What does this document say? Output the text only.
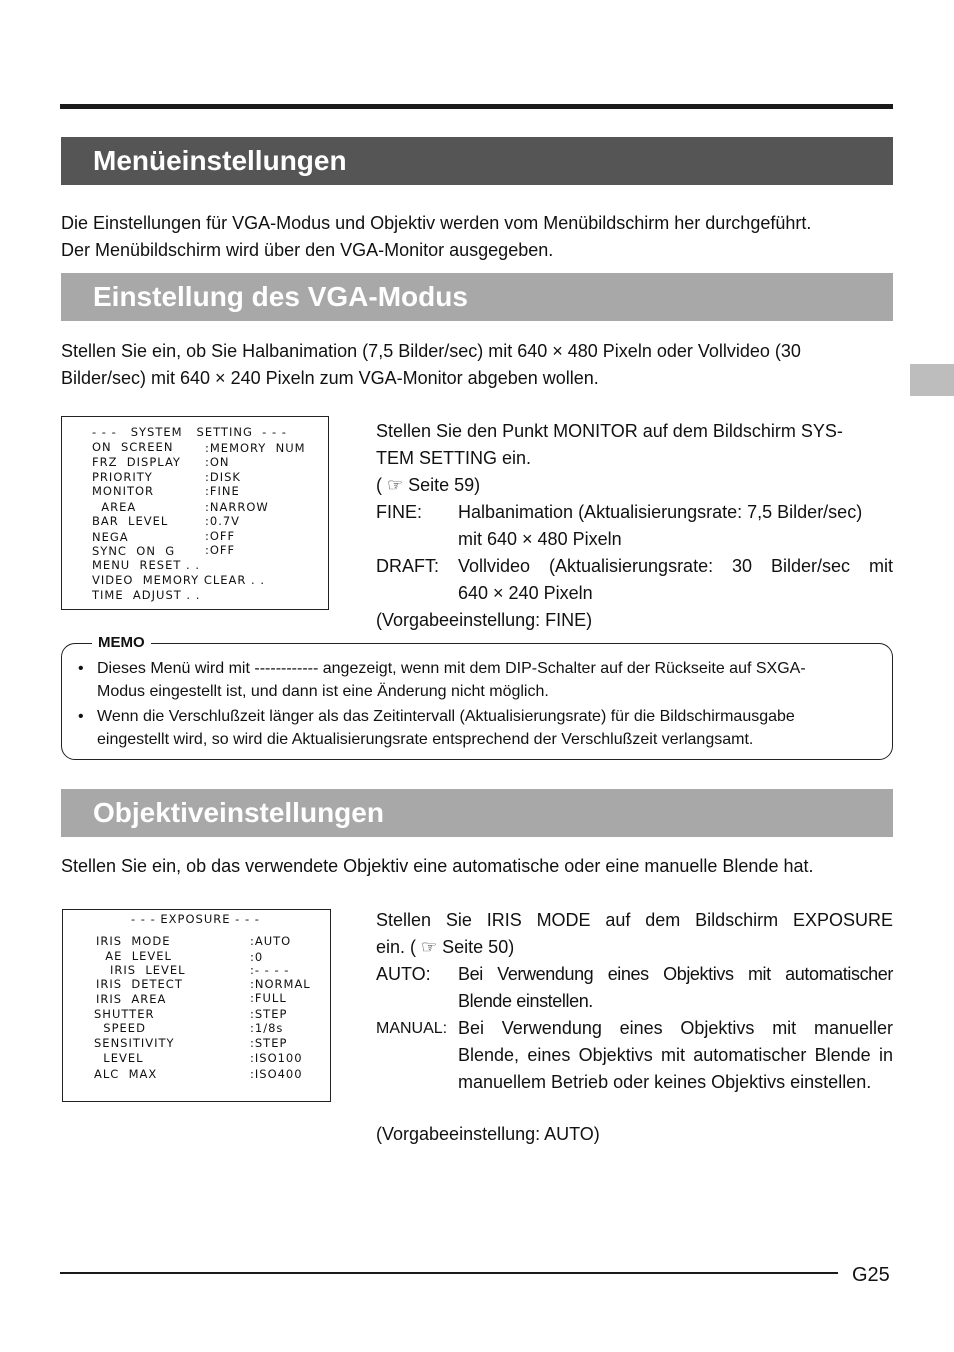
Menüeinstellungen
Die Einstellungen für VGA-Modus und Objektiv werden vom Menübildschirm her durchgeführt.
Der Menübildschirm wird über den VGA-Monitor ausgegeben.
Einstellung des VGA-Modus
Stellen Sie ein, ob Sie Halbanimation (7,5 Bilder/sec) mit 640 × 480 Pixeln oder Vollvideo (30
Bilder/sec) mit 640 × 240 Pixeln zum VGA-Monitor abgeben wollen.
- - -   SYSTEM   SETTING  - - -
ON  SCREEN	:MEMORY  NUM
FRZ  DISPLAY :ON
PRIORITY	:DISK
MONITOR	:FINE
AREA	:NARROW
BAR  LEVEL	:0.7V
NEGA	:OFF
SYNC  ON  G	:OFF
MENU  RESET . .
VIDEO  MEMORY CLEAR . .
TIME  ADJUST . .
Stellen Sie den Punkt MONITOR auf dem Bildschirm SYS-
TEM SETTING ein.
( ☞ Seite 59)
FINE: Halbanimation (Aktualisierungsrate: 7,5 Bilder/sec)
mit 640 × 480 Pixeln
DRAFT: Vollvideo (Aktualisierungsrate: 30 Bilder/sec mit
640 × 240 Pixeln
(Vorgabeeinstellung: FINE)
MEMO
• Dieses Menü wird mit ------------ angezeigt, wenn mit dem DIP-Schalter auf der Rückseite auf SXGA-
Modus eingestellt ist, und dann ist eine Änderung nicht möglich.
• Wenn die Verschlußzeit länger als das Zeitintervall (Aktualisierungsrate) für die Bildschirmausgabe
eingestellt wird, so wird die Aktualisierungsrate entsprechend der Verschlußzeit verlangsamt.
Objektiveinstellungen
Stellen Sie ein, ob das verwendete Objektiv eine automatische oder eine manuelle Blende hat.
- - - EXPOSURE - - -
IRIS  MODE	:AUTO
AE  LEVEL	:0
IRIS  LEVEL	:- - - -
IRIS  DETECT	:NORMAL
IRIS  AREA	:FULL
SHUTTER	:STEP
SPEED	:1/8s
SENSITIVITY	:STEP
LEVEL	:ISO100
ALC  MAX	:ISO400
Stellen Sie IRIS MODE auf dem Bildschirm EXPOSURE
ein. ( ☞ Seite 50)
AUTO: Bei Verwendung eines Objektivs mit automatischer Blende einstellen.
MANUAL: Bei Verwendung eines Objektivs mit manueller Blende, eines Objektivs mit automatischer Blende in manuellem Betrieb oder keines Objektivs einstellen.
(Vorgabeeinstellung: AUTO)
G25
